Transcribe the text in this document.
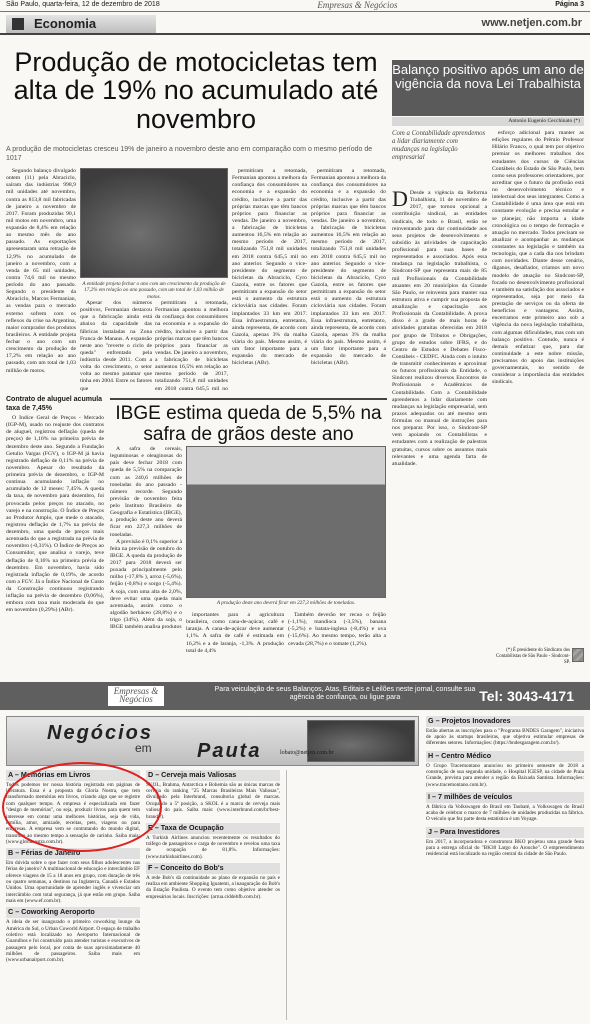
São Paulo, quarta-feira, 12 de dezembro de 2018	Empresas & Negócios	Página 3
Economia	www.netjen.com.br
Produção de motocicletas tem alta de 19% no acumulado até novembro
A produção de motocicletas cresceu 19% de janeiro a novembro deste ano em comparação com o mesmo período de 1017

Segundo balanço divulgado ontem (11) pela Abraciclo, saíram das indústrias 998,9 mil unidades até novembro, contra as 813,8 mil fabricadas de janeiro a novembro de 2017. Foram produzidas 90,1 mil motos em novembro, uma expansão de 8,4% em relação ao mesmo mês do ano passado. As exportações apresentaram uma retração de 12,9% no acumulado de janeiro a novembro, com a venda de 65 mil unidades, contra 74,6 mil no mesmo período do ano passado. Segundo o presidente da Abraciclo, Marcos Fermanian, as vendas para o mercado externo sofrem com os reflexos da crise na Argentina, maior comprador dos produtos brasileiros. A entidade projeta fechar o ano com um crescimento da produção de 17,2% em relação ao ano passado, com um total de 1,03 milhão de motos.

A entidade projeta fechar o ano com um crescimento da produção de 17,2% em relação ao ano passado, com um total de 1,03 milhão de motos.

Apesar dos números positivos, Fermanian destacou que a fabricação ainda está abaixo da capacidade das fábricas instaladas na Zona Franca de Manaus. A expansão neste ano "reverte o ciclo de queda" enfrentado pela indústria desde 2011. Com a volta do crescimento, o setor volta ao mesmo patamar que tinha em 2004. Entre os fatores que

permitiram a retomada, Fermanian apontou a melhora da confiança dos consumidores na economia e a expansão do crédito, inclusive a partir das próprias marcas que têm bancos próprios para financiar as vendas. De janeiro a novembro, a fabricação de bicicletas aumentou 16,5% em relação ao mesmo período de 2017, totalizando 751,8 mil unidades em 2018 contra 645,5 mil no

permitiram a retomada, Fermanian apontou a melhora da confiança dos consumidores na economia e a expansão do crédito, inclusive a partir das próprias marcas que têm bancos próprios para financiar as vendas. De janeiro a novembro, a fabricação de bicicletas aumentou 16,5% em relação ao mesmo período de 2017, totalizando 751,8 mil unidades em 2018 contra 645,5 mil no ano anterior. Segundo o vice-presidente do segmento de bicicletas da Abraciclo, Cyro Gazola, entre os fatores que permitiram a expansão do setor está o aumento da estrutura cicloviária nas cidades. Foram implantados 33 km em 2017. Essa infraestrutura, entretanto, ainda representa, de acordo com Gazola, apenas 3% da malha viária do país. Mesmo assim, é um fator importante para a expansão do mercado de bicicletas (ABr).

permitiram a retomada, Fermanian apontou a melhora da confiança dos consumidores na economia e a expansão do crédito, inclusive a partir das próprias marcas que têm bancos próprios para financiar as vendas. De janeiro a novembro, a fabricação de bicicletas aumentou 16,5% em relação ao mesmo período de 2017, totalizando 751,8 mil unidades em 2018 contra 645,5 mil no ano anterior. Segundo o vice-presidente do segmento de bicicletas da Abraciclo, Cyro Gazola, entre os fatores que permitiram a expansão do setor está o aumento da estrutura cicloviária nas cidades. Foram implantados 33 km em 2017. Essa infraestrutura, entretanto, ainda representa, de acordo com Gazola, apenas 3% da malha viária do país. Mesmo assim, é um fator importante para a expansão do mercado de bicicletas (ABr).

Contrato de aluguel acumula taxa de 7,45%

O Índice Geral de Preços - Mercado (IGP-M), usado no reajuste dos contratos de aluguel, registrou deflação (queda de preços) de 1,16% na primeira prévia de dezembro deste ano. Segundo a Fundação Getulio Vargas (FGV), o IGP-M já havia registrado deflação de 0,11% na prévia de novembro. Apesar do resultado da primeira prévia de dezembro, o IGP-M continua acumulando inflação no acumulado de 12 meses: 7,45%. A queda da taxa, de novembro para dezembro, foi provocada pelos preços no atacado, no varejo e na construção. O Índice de Preços ao Produtor Amplo, que mede o atacado, registrou deflação de 1,7% na prévia de dezembro, uma queda de preços mais acentuada do que a registrada na prévia de novembro (-0,31%). O Índice de Preços ao Consumidor, que analisa o varejo, teve deflação de 0,16% na primeira prévia de dezembro. Em novembro, havia sido registrada inflação de 0,19%, de acordo com a FGV. Já o Índice Nacional de Custo da Construção continuou registrando inflação na prévia de dezembro (0,06%), embora com taxa mais moderada do que em novembro (0,29%) (ABr).

IBGE estima queda de 5,5% na safra de grãos deste ano

A safra de cereais, leguminosas e oleaginosas do país deve fechar 2018 com queda de 5,5% na comparação com as 240,6 milhões de toneladas do ano passado - número recorde. Segundo previsão de novembro feita pelo Instituto Brasileiro de Geografia e Estatística (IBGE), a produção deste ano deverá ficar em 227,3 milhões de toneladas.

A previsão é 0,1% superior à feita na previsão de outubro do IBGE. A queda da produção de 2017 para 2018 deverá ser puxada principalmente pelo milho (-17,8% ), arroz (-5,6%), feijão (-0,8%) e sorgo (-5,4%). A soja, com uma alta de 2,0%, deve evitar uma queda mais acentuada, assim como o algodão herbáceo (28,8%) e o trigo (34%). Além da soja, o IBGE também analisa produtos

A produção deste ano deverá ficar em 227,3 milhões de toneladas.

importantes para a agricultura brasileira, como cana-de-açúcar, café e laranja. A cana-de-açúcar deve aumentar 1,1%. A safra de café é estimada em 16,2% e a de laranja, -1,3%. A produção total de 4,4%

Também deverão ter recuo o feijão (-1,1%), mandioca (-3,5%), banana (-5,2%) e batata-inglesa (-8,4%) e uva (-15,6%). Ao mesmo tempo, terão alta a cevada (28,7%) e o tomate (1,2%).

Balanço positivo após um ano de vigência da nova Lei Trabalhista
Antonio Eugenio Cecchinato (*)
Com a Contabilidade aprendemos a lidar diariamente com mudanças na legislação empresarial
D Desde a vigência da Reforma Trabalhista, 11 de novembro de 2017, que tornou opcional a contribuição sindical, as entidades sindicais, de todo o Brasil, estão se reinventando para dar continuidade aos seus projetos de desenvolvimento e subsídio às atividades de capacitação profissional para suas bases de representados e associados. Após essa mudança na legislação trabalhista, o Sindcont-SP que representa mais de 85 mil Profissionais da Contabilidade atuantes em 20 municípios da Grande São Paulo, se reinventa para manter sua estrutura ativa e cumprir sua proposta de atualização e capacitação aos Profissionais da Contabilidade. A prova disso é a grade de mais horas de atividades gratuitas oferecidas em 2018 por grupo de Tributos e Obrigações, grupo de estudos sobre IFRS, e do Centro de Estudos e Debates Fisco-Contábeis - CEDFC. Ainda com o intuito de transmitir conhecimento e aproximar os futuros profissionais da Entidade, o Sindcont realizou diversos Encontros de Profissionais e Acadêmicos de Contabilidade. Com a Contabilidade aprendemos a lidar diariamente com mudanças na legislação empresarial, sem prazos adequados ou até mesmo sem fórmulas ou manual de instruções para nos preparar. Por isso, o Sindcont-SP vem apoiando os Contabilistas e estudantes com a realização de palestras gratuitas, cursos sobre os assuntos mais relevantes e uma agenda farta de atualidade.

esforço adicional para manter as edições regulares do Prêmio Professor Hilário Franco, o qual tem por objetivo premiar os melhores trabalhos dos estudantes dos cursos de Ciências Contábeis do Estado de São Paulo, bem como seus professores orientadores, por acreditar que o futuro da profissão está no desenvolvimento técnico e intelectual dos seus integrantes. Como a Contabilidade é uma área que está em constante evolução e precisa estudar e se planejar, não importa a idade cronológica ou o tempo de formação e atuação no mercado. Todos precisam se atualizar e acompanhar as mudanças constantes na legislação e também na tecnologia, que a cada dia nos brindam com novidades. Diante desse cenário, diganos, desafiador, criamos um novo modelo de atuação no Sindcont-SP, focado no desenvolvimento profissional e também na satisfação dos associados e representados, seja por meio da prestação de serviços ou da oferta de benefícios e vantagens. Assim, encerramos este primeiro ano sob a vigência da nova legislação trabalhista, com algumas dificuldades, mas com um balanço positivo. Contudo, nunca é demais enfatizar que, para dar continuidade a este nobre missão, precisamos do apoio das instituições governamentais, no sentido de considerar a importância das entidades sindicais.

(*) É presidente do Sindicato dos Contabilistas de São Paulo - Sindcont-SP.
Empresas & Negócios
Para veiculação de seus Balanços, Atas, Editais e Leilões neste jornal, consulte sua agência de confiança, ou ligue para	Tel: 3043-4171
Negócios
em Pauta	lobato@netjen.com.br
A – Memórias em Livros
Todos podemos ter nossa história registrada em páginas de literatura. Essa é a proposta da Gloria Nostra, que tem transformado memórias em livros, criando algo que se registre com qualquer tempo. A empresa é especializada em fazer "design de memórias", ou seja, produzir livros para quem tem interesse em contar uma melhores histórias, seja de vida, família, amor, amizade, receitas, pets, viagens ou para empresas. A empresa vem se contratando do mundo digital, transmite ao mesmo tempo a sensação de carinho. Saiba mais: (www.glorianostra.com.br).
B – Férias de Janeiro
Em dúvida sobre o que fazer com seus filhos adolescentes nas férias de janeiro? A multinacional de educação e intercâmbio EF oferece viagens de 15 a 18 anos em grupo, com duração de três ou quatro semanas, a destinos na Inglaterra, Canadá e Estados Unidos. Uma oportunidade de aprender inglês e vivenciar um intercâmbio com total segurança, já que estão em grupo. Saiba mais em (www.ef.com.br).
C – Coworking Aeroporto
A ideia de ser inaugurado o primeiro coworking lounge da América do Sul, o Urban Coworld Airport. O espaço de trabalho coletivo está localizado no Aeroporto Internacional de Guarulhos e foi construído para atender turistas e executivos de passagem pelo local, por conta de suas aproximadamente 40 milhões de passageiros. Saiba mais em (www.urbanairport.com.br).
D – Cerveja mais Valiosas
SKOL, Brahma, Antarctica e Bohemia são as únicas marcas de cerveja do ranking "25 Marcas Brasileiras Mais Valiosas", divulgado pela Interbrand, consultoria global de marcas. Ocupando a 5ª posição, a SKOL é a marca de cerveja mais valiosa do país. Saiba mais: (www.interbrand.com/br/best-brands/).
E – Taxa de Ocupação
A Turkish Airlines anunciou recentemente os resultados do tráfego de passageiros e carga de novembro e revelou uma taxa de ocupação de 81,8%. Informações: (www.turkishairlines.com).
F – Conceito do Bob's
A rede Bob's dá continuidade ao plano de expansão no país e realiza em ambiente Shopping Iguatemi, a inauguração do Bob's da Estação Paulista. O evento tem como objetivo atender os empresários locais. Inscrições: (arrua.ciddebfb.com.br).
G – Projetos Inovadores
Estão abertas as inscrições para o "Programa BNDES Garagem", iniciativa de apoio às startups brasileiras, que objetiva estimular empresas de diferentes setores. Informações: (https://bndesgaragem.com.br/).
H – Centro Médico
O Grupo Tracemontano anunciou no primeiro semestre de 2018 a construção de sua segunda unidade, o Hospital IGESP, na cidade de Praia Grande, prevista para atender a região da Baixada Santista. Informações: (www.tracemontano.com.br).
I – 7 milhões de veículos
A fábrica da Volkswagen do Brasil em Taubaté, a Volkswagen do Brasil acaba de celebrar o marco de 7 milhões de unidades produzidas na fábrica. O veículo que fez parte desta estatística é um Voyage.
J – Para Investidores
Em 2017, a incorporadora e construtora BKO projetou uma grande festa para a entrega oficial do "BK30 Largo do Arouche". O empreendimento residencial está localizado na região central da cidade de São Paulo.
